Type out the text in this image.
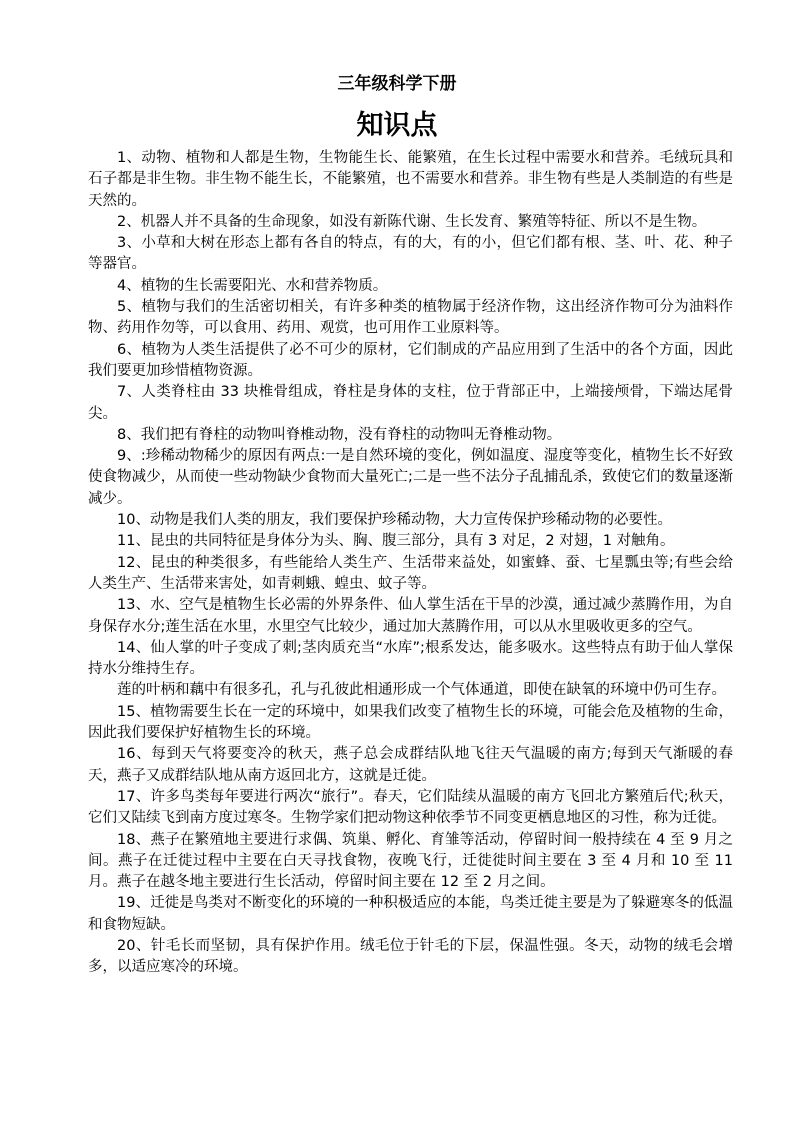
三年级科学下册
知识点

1、动物、植物和人都是生物，生物能生长、能繁殖，在生长过程中需要水和营养。毛绒玩具和石子都是非生物。非生物不能生长，不能繁殖，也不需要水和营养。非生物有些是人类制造的有些是天然的。

2、机器人并不具备的生命现象，如没有新陈代谢、生长发育、繁殖等特征、所以不是生物。

3、小草和大树在形态上都有各自的特点，有的大，有的小，但它们都有根、茎、叶、花、种子等器官。

4、植物的生长需要阳光、水和营养物质。

5、植物与我们的生活密切相关，有许多种类的植物属于经济作物，这出经济作物可分为油料作物、药用作勿等，可以食用、药用、观赏，也可用作工业原料等。

6、植物为人类生活提供了必不可少的原材，它们制成的产品应用到了生活中的各个方面，因此我们要更加珍惜植物资源。

7、人类脊柱由 33 块椎骨组成，脊柱是身体的支柱，位于背部正中，上端接颅骨，下端达尾骨尖。

8、我们把有脊柱的动物叫脊椎动物，没有脊柱的动物叫无脊椎动物。

9、:珍稀动物稀少的原因有两点:一是自然环境的变化，例如温度、湿度等变化，植物生长不好致使食物减少，从而使一些动物缺少食物而大量死亡;二是一些不法分子乱捕乱杀，致使它们的数量逐渐减少。

10、动物是我们人类的朋友，我们要保护珍稀动物，大力宣传保护珍稀动物的必要性。

11、昆虫的共同特征是身体分为头、胸、腹三部分，具有 3 对足，2 对翅，1 对触角。

12、昆虫的种类很多，有些能给人类生产、生活带来益处，如蜜蜂、蚕、七星瓢虫等;有些会给人类生产、生活带来害处，如青刺蛾、蝗虫、蚊子等。

13、水、空气是植物生长必需的外界条件、仙人掌生活在干旱的沙漠，通过减少蒸腾作用，为自身保存水分;莲生活在水里，水里空气比较少，通过加大蒸腾作用，可以从水里吸收更多的空气。

14、仙人掌的叶子变成了刺;茎肉质充当“水库”;根系发达，能多吸水。这些特点有助于仙人掌保持水分维持生存。

莲的叶柄和藕中有很多孔，孔与孔彼此相通形成一个气体通道，即使在缺氧的环境中仍可生存。

15、植物需要生长在一定的环境中，如果我们改变了植物生长的环境，可能会危及植物的生命，因此我们要保护好植物生长的环境。

16、每到天气将要变冷的秋天，燕子总会成群结队地飞往天气温暖的南方;每到天气渐暖的春天，燕子又成群结队地从南方返回北方，这就是迁徙。

17、许多鸟类每年要进行两次“旅行”。春天，它们陆续从温暖的南方飞回北方繁殖后代;秋天，它们又陆续飞到南方度过寒冬。生物学家们把动物这种依季节不同变更栖息地区的习性，称为迁徙。

18、燕子在繁殖地主要进行求偶、筑巢、孵化、育雏等活动，停留时间一般持续在 4 至 9 月之间。燕子在迁徙过程中主要在白天寻找食物，夜晚飞行，迁徙徙时间主要在 3 至 4 月和 10 至 11 月。燕子在越冬地主要进行生长活动，停留时间主要在 12 至 2 月之间。

19、迁徙是鸟类对不断变化的环境的一种积极适应的本能，鸟类迁徙主要是为了躲避寒冬的低温和食物短缺。

20、针毛长而坚韧，具有保护作用。绒毛位于针毛的下层，保温性强。冬天，动物的绒毛会增多，以适应寒冷的环境。
